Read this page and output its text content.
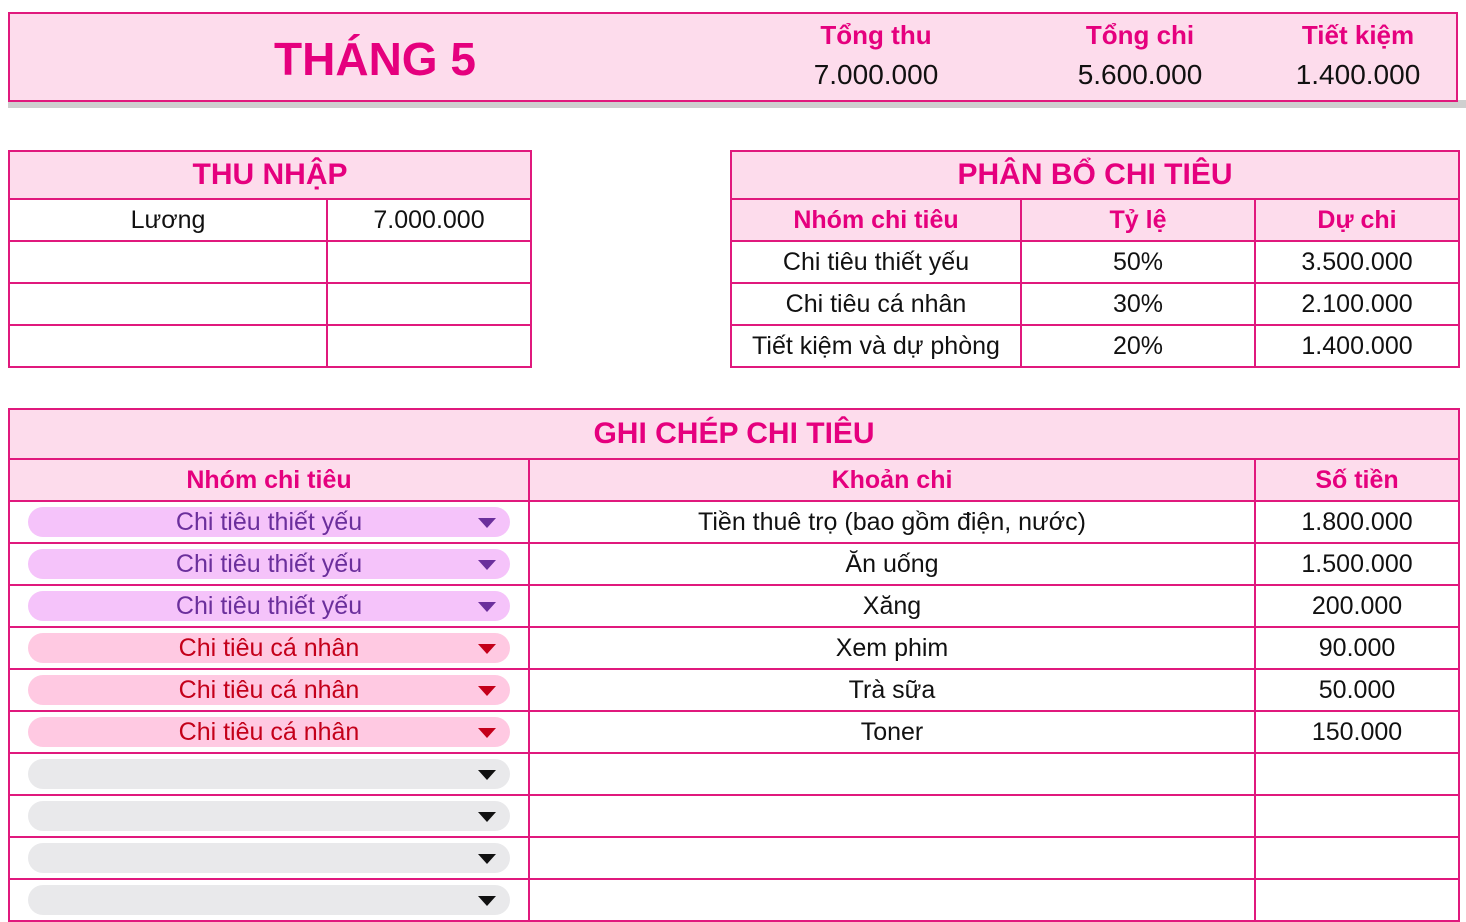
THÁNG 5	Tổng thu
7.000.000
Tổng chi
5.600.000
Tiết kiệm
1.400.000
THU NHẬP	
Lương	7.000.000

PHÂN BỔ CHI TIÊU		
Nhóm chi tiêu	Tỷ lệ	Dự chi
Chi tiêu thiết yếu	50%	3.500.000
Chi tiêu cá nhân	30%	2.100.000
Tiết kiệm và dự phòng	20%	1.400.000
GHI CHÉP CHI TIÊU		
Nhóm chi tiêu	Khoản chi	Số tiền

Chi tiêu thiết yếu	Tiền thuê trọ (bao gồm điện, nước)	1.800.000

Chi tiêu thiết yếu	Ăn uống	1.500.000

Chi tiêu thiết yếu	Xăng	200.000

Chi tiêu cá nhân	Xem phim	90.000

Chi tiêu cá nhân	Trà sữa	50.000

Chi tiêu cá nhân	Toner	150.000
